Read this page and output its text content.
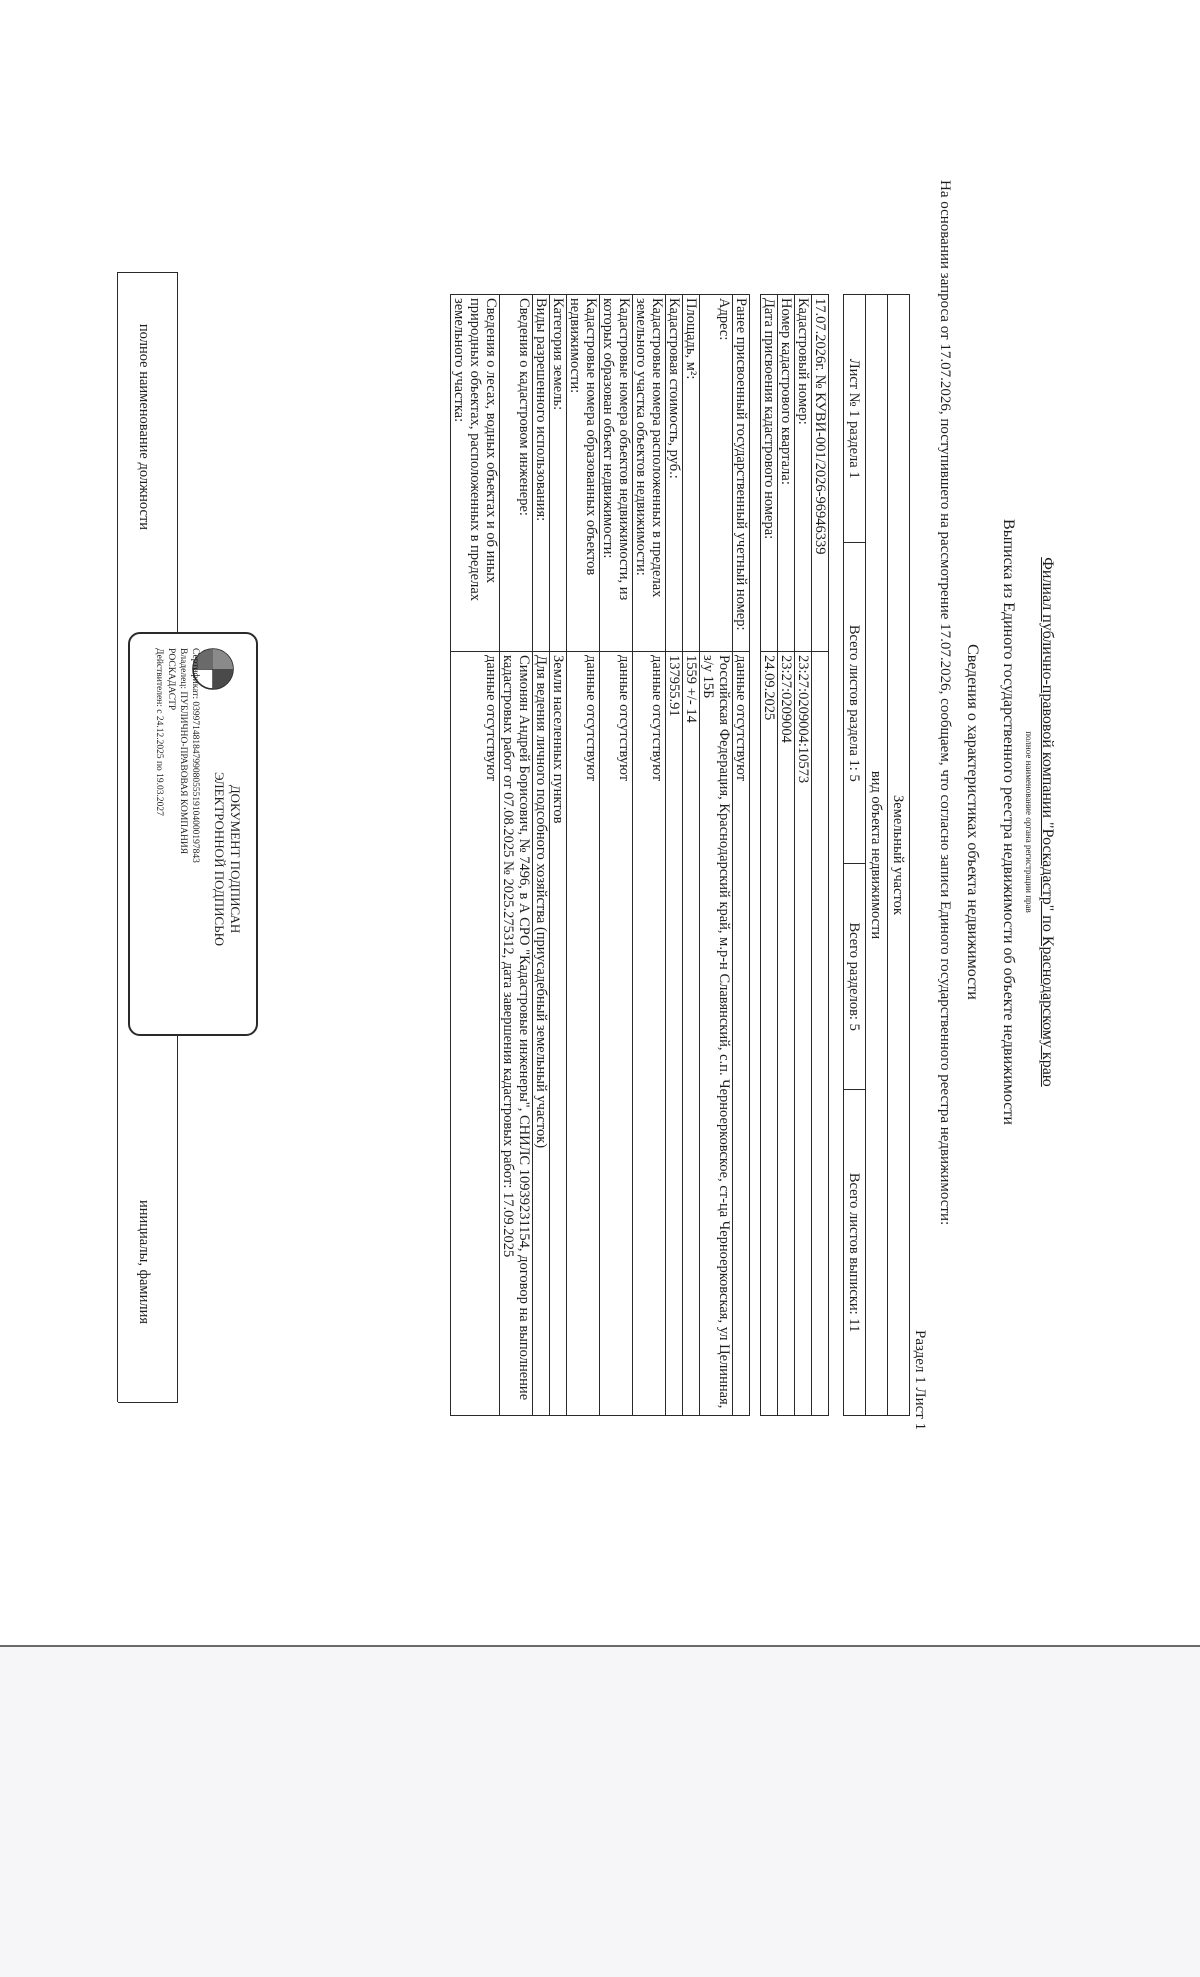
Филиал публично-правовой компании "Роскадастр" по Краснодарскому краю
полное наименование органа регистрации прав
Выписка из Единого государственного реестра недвижимости об объекте недвижимости
Сведения о характеристиках объекта недвижимости
На основании запроса от 17.07.2026, поступившего на рассмотрение 17.07.2026, сообщаем, что согласно записи Единого государственного реестра недвижимости:
Раздел 1 Лист 1
Земельный участок
вид объекта недвижимости
Лист № 1 раздела 1	Всего листов раздела 1: 5	Всего разделов: 5	Всего листов выписки: 11
17.07.2026г. № КУВИ-001/2026-96946339	
Кадастровый номер:	23:27:0209004:10573
Номер кадастрового квартала:	23:27:0209004
Дата присвоения кадастрового номера:	24.09.2025

Ранее присвоенный государственный учетный номер:	данные отсутствуют
Адрес:	Российская Федерация, Краснодарский край, м.р-н Славянский, с.п. Черноерковское, ст-ца Черноерковская, ул Целинная, з/у 15Б
Площадь, м²:	1559 +/- 14
Кадастровая стоимость, руб.:	137955.91
Кадастровые номера расположенных в пределах земельного участка объектов недвижимости:	данные отсутствуют
Кадастровые номера объектов недвижимости, из которых образован объект недвижимости:	данные отсутствуют
Кадастровые номера образованных объектов недвижимости:	данные отсутствуют
Категория земель:	Земли населенных пунктов
Виды разрешенного использования:	Для ведения личного подсобного хозяйства (приусадебный земельный участок)
Сведения о кадастровом инженере:	Симонян Андрей Борисович, № 7496, в А СРО "Кадастровые инженеры", СНИЛС 10939231154, договор на выполнение кадастровых работ от 07.08.2025 № 2025.275312, дата завершения кадастровых работ: 17.09.2025
Сведения о лесах, водных объектах и об иных природных объектах, расположенных в пределах земельного участка:	данные отсутствуют
полное наименование должности
инициалы, фамилия
ДОКУМЕНТ ПОДПИСАН
ЭЛЕКТРОННОЙ ПОДПИСЬЮ
Сертификат: 0399714818479908055519104000197843
Владелец: ПУБЛИЧНО-ПРАВОВАЯ КОМПАНИЯ
РОСКАДАСТР
Действителен: с 24.12.2025 по 19.03.2027
